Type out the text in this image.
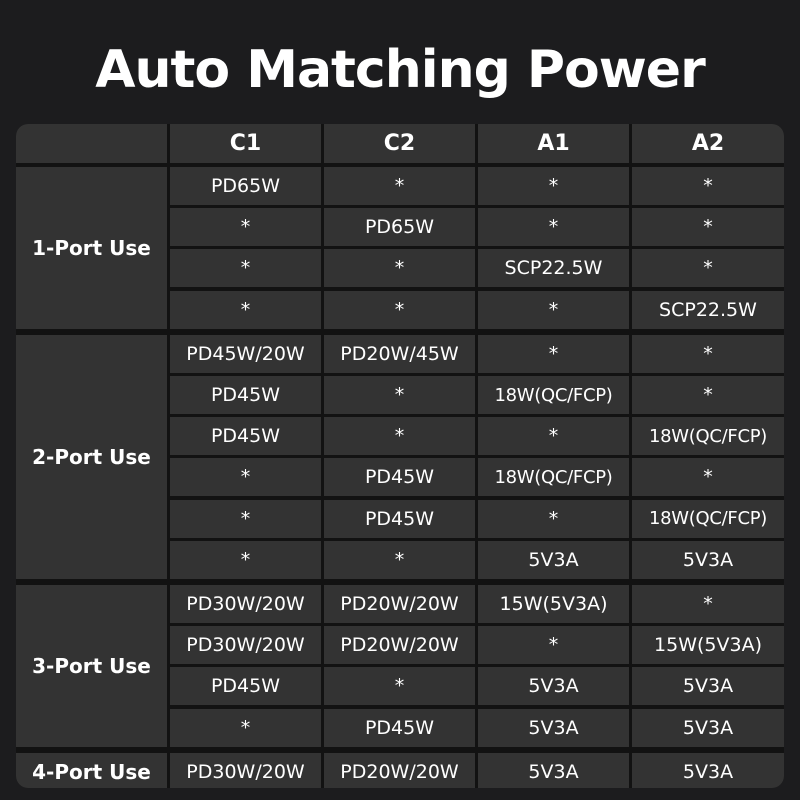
Auto Matching Power
C1	C2	A1	A2
1-Port Use
PD65W	*	*	*
*	PD65W	*	*
*	*	SCP22.5W	*
*	*	*	SCP22.5W
2-Port Use
PD45W/20W	PD20W/45W	*	*
PD45W	*	18W(QC/FCP)	*
PD45W	*	*	18W(QC/FCP)
*	PD45W	18W(QC/FCP)	*
*	PD45W	*	18W(QC/FCP)
*	*	5V3A	5V3A
3-Port Use
PD30W/20W	PD20W/20W	15W(5V3A)	*
PD30W/20W	PD20W/20W	*	15W(5V3A)
PD45W	*	5V3A	5V3A
*	PD45W	5V3A	5V3A
4-Port Use	PD30W/20W	PD20W/20W	5V3A	5V3A
